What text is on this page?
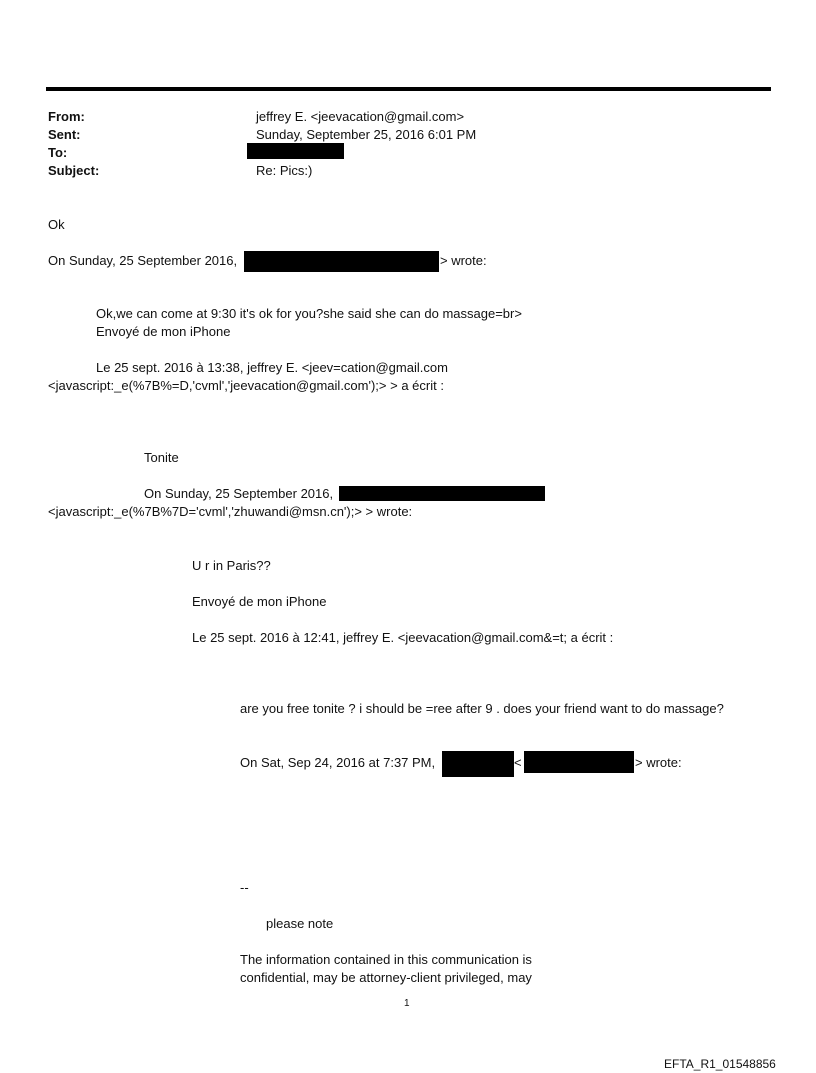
From:	jeffrey E. <jeevacation@gmail.com>
Sent:	Sunday, September 25, 2016 6:01 PM
To:
Subject:	Re: Pics:)
Ok
On Sunday, 25 September 2016,	> wrote:
Ok,we can come at 9:30 it's ok for you?she said she can do massage=br>
Envoyé de mon iPhone
Le 25 sept. 2016 à 13:38, jeffrey E. <jeev=cation@gmail.com
<javascript:_e(%7B%=D,'cvml','jeevacation@gmail.com');> > a écrit :
Tonite
On Sunday, 25 September 2016,
<javascript:_e(%7B%7D='cvml','zhuwandi@msn.cn');> > wrote:
U r in Paris??
Envoyé de mon iPhone
Le 25 sept. 2016 à 12:41, jeffrey E. <jeevacation@gmail.com&=t; a écrit :
are you free tonite ? i should be =ree after 9 . does your friend want to do massage?
On Sat, Sep 24, 2016 at 7:37 PM,	<	> wrote:
--
please note
The information contained in this communication is
confidential, may be attorney-client privileged, may
1
EFTA_R1_01548856
